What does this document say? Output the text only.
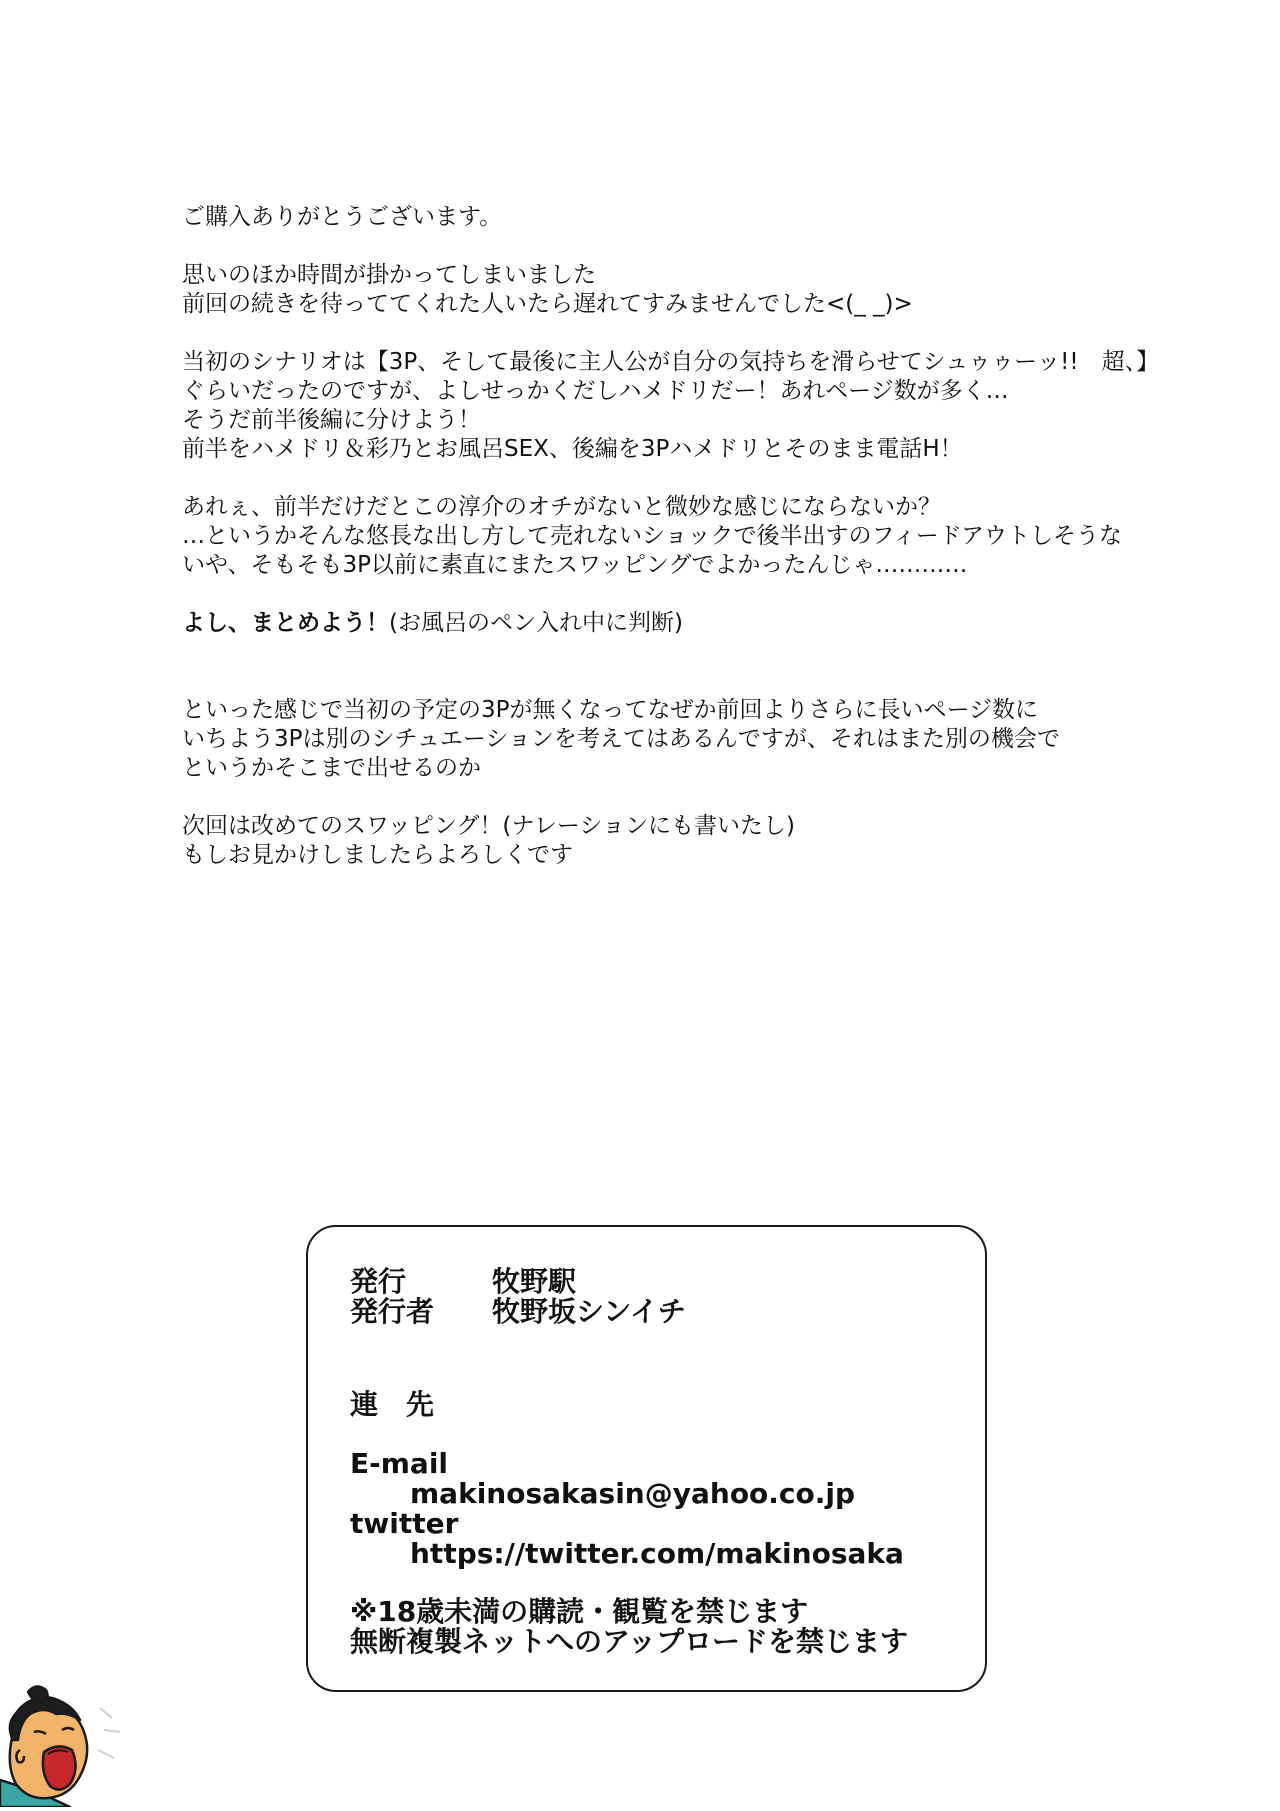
ご購入ありがとうございます。
思いのほか時間が掛かってしまいました
前回の続きを待っててくれた人いたら遅れてすみませんでした<(_ _)>
当初のシナリオは【3P、そして最後に主人公が自分の気持ちを滑らせてシュゥゥーッ!!　超、】
ぐらいだったのですが、よしせっかくだしハメドリだー！あれページ数が多く…
そうだ前半後編に分けよう！
前半をハメドリ＆彩乃とお風呂SEX、後編を3Pハメドリとそのまま電話H！
あれぇ、前半だけだとこの淳介のオチがないと微妙な感じにならないか？
…というかそんな悠長な出し方して売れないショックで後半出すのフィードアウトしそうな
いや、そもそも3P以前に素直にまたスワッピングでよかったんじゃ…………
よし、まとめよう！(お風呂のペン入れ中に判断)
といった感じで当初の予定の3Pが無くなってなぜか前回よりさらに長いページ数に
いちよう3Pは別のシチュエーションを考えてはあるんですが、それはまた別の機会で
というかそこまで出せるのか
次回は改めてのスワッピング！(ナレーションにも書いたし)
もしお見かけしましたらよろしくです
発行	牧野駅
発行者 牧野坂シンイチ
連　先
E-mail
makinosakasin@yahoo.co.jp
twitter
https://twitter.com/makinosaka
※18歳未満の購読・観覧を禁じます
無断複製ネットへのアップロードを禁じます
